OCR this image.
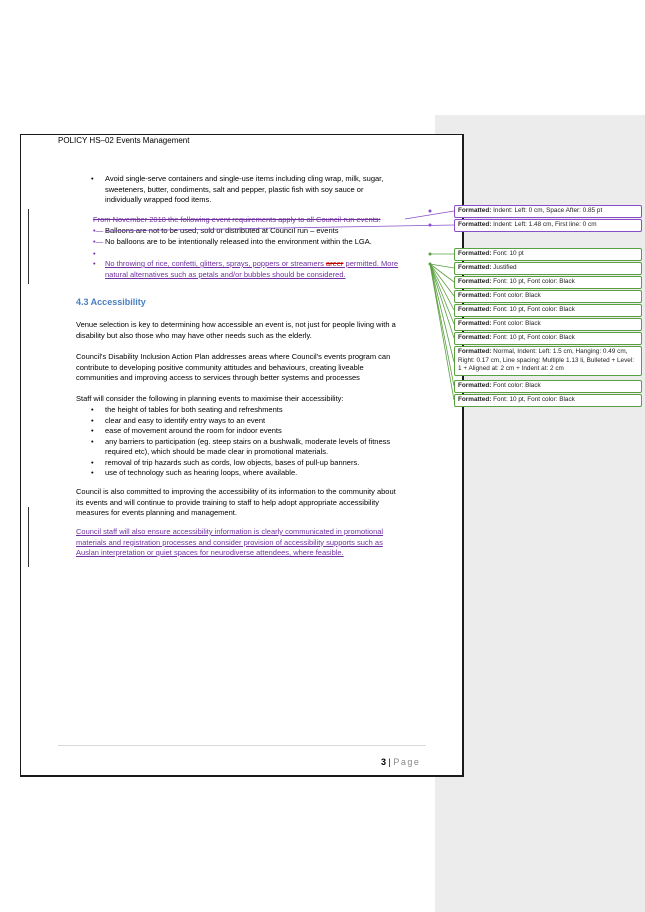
POLICY HS–02 Events Management
• Avoid single-serve containers and single-use items including cling wrap, milk, sugar,
sweeteners, butter, condiments, salt and pepper, plastic fish with soy sauce or
individually wrapped food items.
From November 2018 the following event requirements apply to all Council-run events:
•— Balloons are not to be used, sold or distributed at Council run – events
•— No balloons are to be intentionally released into the environment within the LGA.
•
• No throwing of rice, confetti, glitters, sprays, poppers or streamers areer permitted. More
natural alternatives such as petals and/or bubbles should be considered.
4.3 Accessibility
Venue selection is key to determining how accessible an event is, not just for people living with a
disability but also those who may have other needs such as the elderly.
Council's Disability Inclusion Action Plan addresses areas where Council's events program can
contribute to developing positive community attitudes and behaviours, creating liveable
communities and improving access to services through better systems and processes
Staff will consider the following in planning events to maximise their accessibility:
• the height of tables for both seating and refreshments
• clear and easy to identify entry ways to an event
• ease of movement around the room for indoor events
• any barriers to participation (eg. steep stairs on a bushwalk, moderate levels of fitness
required etc), which should be made clear in promotional materials.
• removal of trip hazards such as cords, low objects, bases of pull-up banners.
• use of technology such as hearing loops, where available.
Council is also committed to improving the accessibility of its information to the community about
its events and will continue to provide training to staff to help adopt appropriate accessibility
measures for events planning and management.
Council staff will also ensure accessibility information is clearly communicated in promotional
materials and registration processes and consider provision of accessibility supports such as
Auslan interpretation or quiet spaces for neurodiverse attendees, where feasible.
3 | Page
Formatted: Indent: Left: 0 cm, Space After: 0.85 pt
Formatted: Indent: Left: 1.48 cm, First line: 0 cm
Formatted: Font: 10 pt
Formatted: Justified
Formatted: Font: 10 pt, Font color: Black
Formatted: Font color: Black
Formatted: Font: 10 pt, Font color: Black
Formatted: Font color: Black
Formatted: Font: 10 pt, Font color: Black
Formatted: Normal, Indent: Left: 1.5 cm, Hanging: 0.49 cm, Right: 0.17 cm, Line spacing: Multiple 1.13 li, Bulleted + Level: 1 + Aligned at: 2 cm + Indent at: 2 cm
Formatted: Font color: Black
Formatted: Font: 10 pt, Font color: Black
